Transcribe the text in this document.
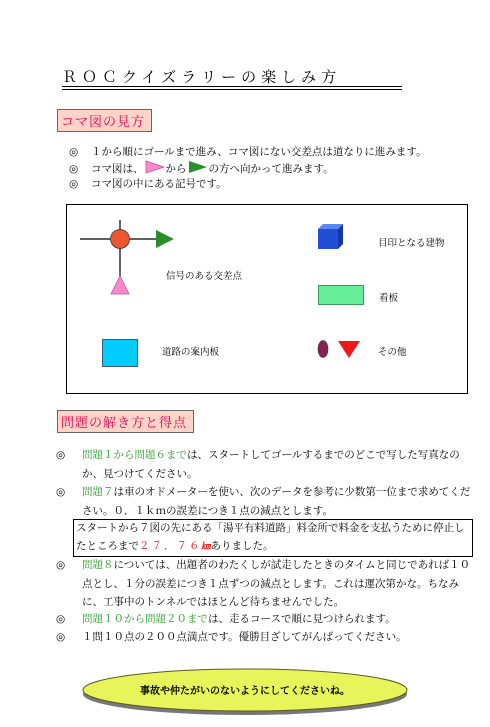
ＲＯＣクイズラリーの楽しみ方
コマ図の見方
◎ １から順にゴールまで進み、コマ図にない交差点は道なりに進みます。
◎ コマ図は、 から の方へ向かって進みます。
◎ コマ図の中にある記号です。
信号のある交差点
目印となる建物
看板
道路の案内板	その他
問題の解き方と得点
◎	問題１から問題６までは、スタートしてゴールするまでのどこで写した写真なのか、見つけてください。
◎	問題７は車のオドメーターを使い、次のデータを参考に少数第一位まで求めてください。０．１ｋｍの誤差につき１点の減点とします。
スタートから７図の先にある「湯平有料道路」料金所で料金を支払うために停止したところまで２７．７６㎞ありました。
◎	問題８については、出題者のわたくしが試走したときのタイムと同じであれば１０点とし、１分の誤差につき１点ずつの減点とします。これは運次第かな。ちなみに、工事中のトンネルではほとんど待ちませんでした。
◎	問題１０から問題２０までは、走るコースで順に見つけられます。
◎	１問１０点の２００点満点です。優勝目ざしてがんばってください。
事故や仲たがいのないようにしてくださいね。
